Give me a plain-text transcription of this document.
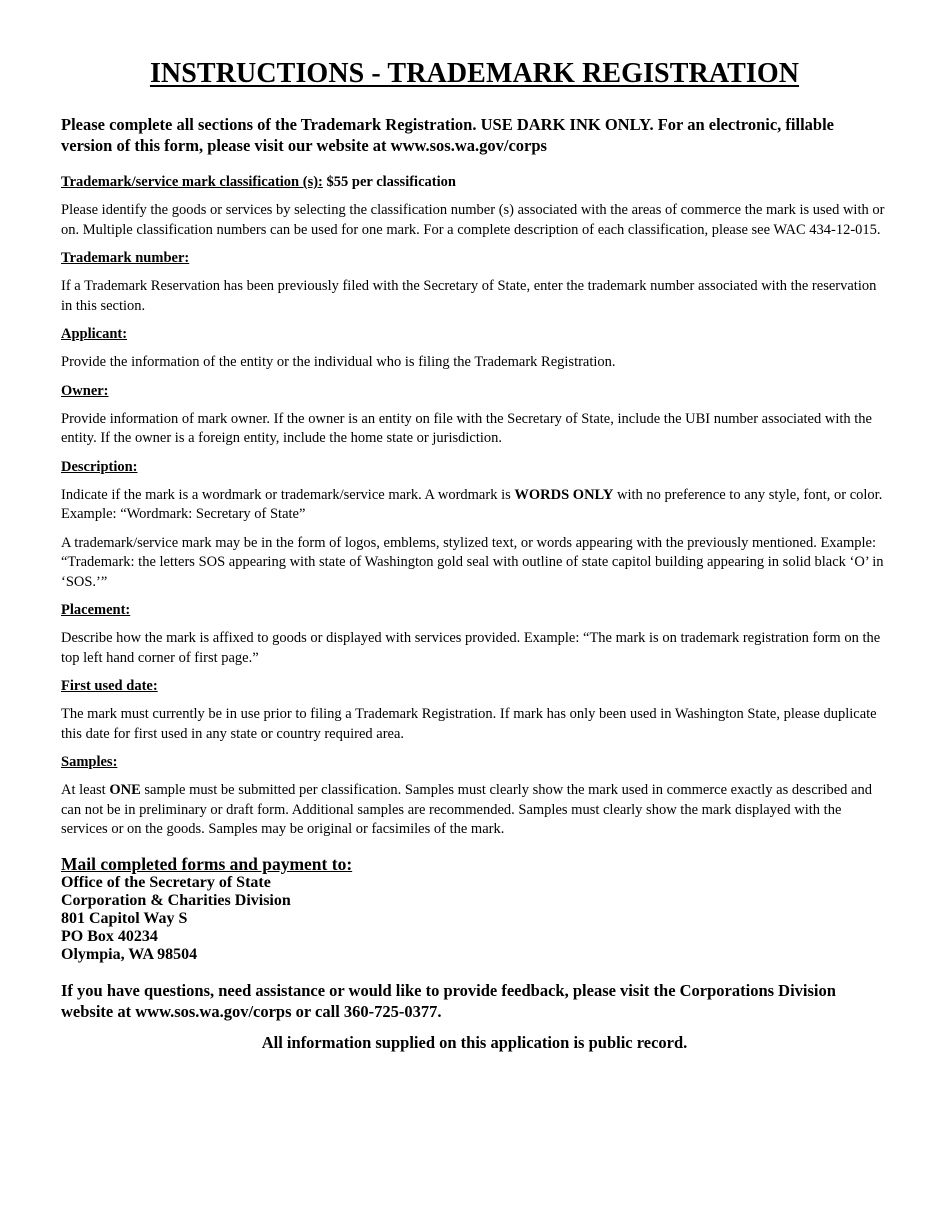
INSTRUCTIONS - TRADEMARK REGISTRATION

Please complete all sections of the Trademark Registration. USE DARK INK ONLY. For an electronic, fillable version of this form, please visit our website at www.sos.wa.gov/corps

Trademark/service mark classification (s): $55 per classification

Please identify the goods or services by selecting the classification number (s) associated with the areas of commerce the mark is used with or on. Multiple classification numbers can be used for one mark. For a complete description of each classification, please see WAC 434-12-015.

Trademark number:

If a Trademark Reservation has been previously filed with the Secretary of State, enter the trademark number associated with the reservation in this section.

Applicant:

Provide the information of the entity or the individual who is filing the Trademark Registration.

Owner:

Provide information of mark owner. If the owner is an entity on file with the Secretary of State, include the UBI number associated with the entity. If the owner is a foreign entity, include the home state or jurisdiction.

Description:

Indicate if the mark is a wordmark or trademark/service mark. A wordmark is WORDS ONLY with no preference to any style, font, or color. Example: “Wordmark: Secretary of State”

A trademark/service mark may be in the form of logos, emblems, stylized text, or words appearing with the previously mentioned. Example: “Trademark: the letters SOS appearing with state of Washington gold seal with outline of state capitol building appearing in solid black ‘O’ in ‘SOS.’”

Placement:

Describe how the mark is affixed to goods or displayed with services provided. Example: “The mark is on trademark registration form on the top left hand corner of first page.”

First used date:

The mark must currently be in use prior to filing a Trademark Registration. If mark has only been used in Washington State, please duplicate this date for first used in any state or country required area.

Samples:

At least ONE sample must be submitted per classification. Samples must clearly show the mark used in commerce exactly as described and can not be in preliminary or draft form. Additional samples are recommended. Samples must clearly show the mark displayed with the services or on the goods. Samples may be original or facsimiles of the mark.

Mail completed forms and payment to:
Office of the Secretary of State
Corporation & Charities Division
801 Capitol Way S
PO Box 40234
Olympia, WA 98504

If you have questions, need assistance or would like to provide feedback, please visit the Corporations Division website at www.sos.wa.gov/corps or call 360-725-0377.

All information supplied on this application is public record.
